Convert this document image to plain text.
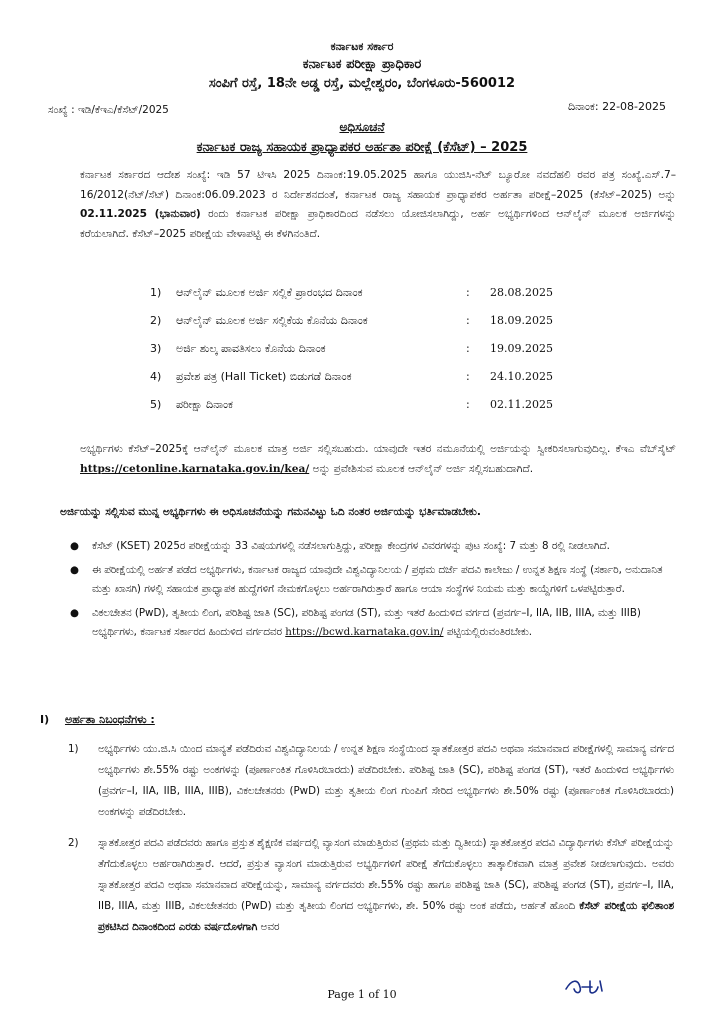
ಕರ್ನಾಟಕ ಸರ್ಕಾರ
ಕರ್ನಾಟಕ ಪರೀಕ್ಷಾ ಪ್ರಾಧಿಕಾರ
ಸಂಪಿಗೆ ರಸ್ತೆ, 18ನೇ ಅಡ್ಡ ರಸ್ತೆ, ಮಲ್ಲೇಶ್ವರಂ, ಬೆಂಗಳೂರು-560012
ಸಂಖ್ಯೆ : ಇಡಿ/ಕೆಇಎ/ಕೆಸೆಟ್/2025	ದಿನಾಂಕ: 22-08-2025
ಅಧಿಸೂಚನೆ
ಕರ್ನಾಟಕ ರಾಜ್ಯ ಸಹಾಯಕ ಪ್ರಾಧ್ಯಾಪಕರ ಅರ್ಹತಾ ಪರೀಕ್ಷೆ (ಕೆಸೆಟ್) – 2025
ಕರ್ನಾಟಕ ಸರ್ಕಾರದ ಆದೇಶ ಸಂಖ್ಯೆ: ಇಡಿ 57 ಟಿಇಸಿ 2025 ದಿನಾಂಕ:19.05.2025 ಹಾಗೂ ಯುಜಿಸಿ-ನೆಟ್ ಬ್ಯೂರೋ ನವದೆಹಲಿ ರವರ ಪತ್ರ ಸಂಖ್ಯೆ.ಎಸ್.7–16/2012(ನೆಟ್/ಸೆಟ್) ದಿನಾಂಕ:06.09.2023 ರ ನಿರ್ದೇಶನದಂತೆ, ಕರ್ನಾಟಕ ರಾಜ್ಯ ಸಹಾಯಕ ಪ್ರಾಧ್ಯಾಪಕರ ಅರ್ಹತಾ ಪರೀಕ್ಷೆ–2025 (ಕೆಸೆಟ್–2025) ಅನ್ನು 02.11.2025 (ಭಾನುವಾರ) ರಂದು ಕರ್ನಾಟಕ ಪರೀಕ್ಷಾ ಪ್ರಾಧಿಕಾರದಿಂದ ನಡೆಸಲು ಯೋಜಿಸಲಾಗಿದ್ದು, ಅರ್ಹ ಅಭ್ಯರ್ಥಿಗಳಿಂದ ಆನ್‌ಲೈನ್ ಮೂಲಕ ಅರ್ಜಿಗಳನ್ನು ಕರೆಯಲಾಗಿದೆ. ಕೆಸೆಟ್–2025 ಪರೀಕ್ಷೆಯ ವೇಳಾಪಟ್ಟಿ ಈ ಕೆಳಗಿನಂತಿದೆ.
1)	ಆನ್‌ಲೈನ್ ಮೂಲಕ ಅರ್ಜಿ ಸಲ್ಲಿಕೆ ಪ್ರಾರಂಭದ ದಿನಾಂಕ	:	28.08.2025
2)	ಆನ್‌ಲೈನ್ ಮೂಲಕ ಅರ್ಜಿ ಸಲ್ಲಿಕೆಯ ಕೊನೆಯ ದಿನಾಂಕ	:	18.09.2025
3)	ಅರ್ಜಿ ಶುಲ್ಕ ಪಾವತಿಸಲು ಕೊನೆಯ ದಿನಾಂಕ	:	19.09.2025
4)	ಪ್ರವೇಶ ಪತ್ರ (Hall Ticket) ಬಿಡುಗಡೆ ದಿನಾಂಕ	:	24.10.2025
5)	ಪರೀಕ್ಷಾ ದಿನಾಂಕ	:	02.11.2025
ಅಭ್ಯರ್ಥಿಗಳು ಕೆಸೆಟ್–2025ಕ್ಕೆ ಆನ್‌ಲೈನ್ ಮೂಲಕ ಮಾತ್ರ ಅರ್ಜಿ ಸಲ್ಲಿಸಬಹುದು. ಯಾವುದೇ ಇತರ ನಮೂನೆಯಲ್ಲಿ ಅರ್ಜಿಯನ್ನು ಸ್ವೀಕರಿಸಲಾಗುವುದಿಲ್ಲ. ಕೆಇಎ ವೆಬ್‌ಸೈಟ್ https://cetonline.karnataka.gov.in/kea/ ಅನ್ನು ಪ್ರವೇಶಿಸುವ ಮೂಲಕ ಆನ್‌ಲೈನ್ ಅರ್ಜಿ ಸಲ್ಲಿಸಬಹುದಾಗಿದೆ.
ಅರ್ಜಿಯನ್ನು ಸಲ್ಲಿಸುವ ಮುನ್ನ ಅಭ್ಯರ್ಥಿಗಳು ಈ ಅಧಿಸೂಚನೆಯನ್ನು ಗಮನವಿಟ್ಟು ಓದಿ ನಂತರ ಅರ್ಜಿಯನ್ನು ಭರ್ತಿಮಾಡಬೇಕು.
●	ಕೆಸೆಟ್ (KSET) 2025ರ ಪರೀಕ್ಷೆಯನ್ನು 33 ವಿಷಯಗಳಲ್ಲಿ ನಡೆಸಲಾಗುತ್ತಿದ್ದು, ಪರೀಕ್ಷಾ ಕೇಂದ್ರಗಳ ವಿವರಗಳನ್ನು ಪುಟ ಸಂಖ್ಯೆ: 7 ಮತ್ತು 8 ರಲ್ಲಿ ನೀಡಲಾಗಿದೆ.
●	ಈ ಪರೀಕ್ಷೆಯಲ್ಲಿ ಅರ್ಹತೆ ಪಡೆದ ಅಭ್ಯರ್ಥಿಗಳು, ಕರ್ನಾಟಕ ರಾಜ್ಯದ ಯಾವುದೇ ವಿಶ್ವವಿದ್ಯಾನಿಲಯ / ಪ್ರಥಮ ದರ್ಜೆ ಪದವಿ ಕಾಲೇಜು / ಉನ್ನತ ಶಿಕ್ಷಣ ಸಂಸ್ಥೆ (ಸರ್ಕಾರಿ, ಅನುದಾನಿತ ಮತ್ತು ಖಾಸಗಿ) ಗಳಲ್ಲಿ ಸಹಾಯಕ ಪ್ರಾಧ್ಯಾಪಕ ಹುದ್ದೆಗಳಿಗೆ ನೇಮಕಗೊಳ್ಳಲು ಅರ್ಹರಾಗಿರುತ್ತಾರೆ ಹಾಗೂ ಆಯಾ ಸಂಸ್ಥೆಗಳ ನಿಯಮ ಮತ್ತು ಕಾಯ್ದೆಗಳಿಗೆ ಒಳಪಟ್ಟಿರುತ್ತಾರೆ.
●	ವಿಕಲಚೇತನ (PwD), ತೃತೀಯ ಲಿಂಗ, ಪರಿಶಿಷ್ಟ ಜಾತಿ (SC), ಪರಿಶಿಷ್ಟ ಪಂಗಡ (ST), ಮತ್ತು ಇತರೆ ಹಿಂದುಳಿದ ವರ್ಗದ (ಪ್ರವರ್ಗ–I, IIA, IIB, IIIA, ಮತ್ತು IIIB) ಅಭ್ಯರ್ಥಿಗಳು, ಕರ್ನಾಟಕ ಸರ್ಕಾರದ ಹಿಂದುಳಿದ ವರ್ಗದವರ https://bcwd.karnataka.gov.in/ ಪಟ್ಟಿಯಲ್ಲಿರುವಂತಿರಬೇಕು.
I) ಅರ್ಹತಾ ನಿಬಂಧನೆಗಳು :
1)	ಅಭ್ಯರ್ಥಿಗಳು ಯು.ಜಿ.ಸಿ ಯಿಂದ ಮಾನ್ಯತೆ ಪಡೆದಿರುವ ವಿಶ್ವವಿದ್ಯಾನಿಲಯ / ಉನ್ನತ ಶಿಕ್ಷಣ ಸಂಸ್ಥೆಯಿಂದ ಸ್ನಾತಕೋತ್ತರ ಪದವಿ ಅಥವಾ ಸಮಾನವಾದ ಪರೀಕ್ಷೆಗಳಲ್ಲಿ ಸಾಮಾನ್ಯ ವರ್ಗದ ಅಭ್ಯರ್ಥಿಗಳು ಶೇ.55% ರಷ್ಟು ಅಂಕಗಳನ್ನು (ಪೂರ್ಣಾಂಕಿತ ಗೊಳಿಸಿರಬಾರದು) ಪಡೆದಿರಬೇಕು. ಪರಿಶಿಷ್ಟ ಜಾತಿ (SC), ಪರಿಶಿಷ್ಟ ಪಂಗಡ (ST), ಇತರೆ ಹಿಂದುಳಿದ ಅಭ್ಯರ್ಥಿಗಳು (ಪ್ರವರ್ಗ–I, IIA, IIB, IIIA, IIIB), ವಿಕಲಚೇತನರು (PwD) ಮತ್ತು ತೃತೀಯ ಲಿಂಗ ಗುಂಪಿಗೆ ಸೇರಿದ ಅಭ್ಯರ್ಥಿಗಳು ಶೇ.50% ರಷ್ಟು (ಪೂರ್ಣಾಂಕಿತ ಗೊಳಿಸಿರಬಾರದು) ಅಂಕಗಳನ್ನು ಪಡೆದಿರಬೇಕು.
2)	ಸ್ನಾತಕೋತ್ತರ ಪದವಿ ಪಡೆದವರು ಹಾಗೂ ಪ್ರಸ್ತುತ ಶೈಕ್ಷಣಿಕ ವರ್ಷದಲ್ಲಿ ವ್ಯಾಸಂಗ ಮಾಡುತ್ತಿರುವ (ಪ್ರಥಮ ಮತ್ತು ದ್ವಿತೀಯ) ಸ್ನಾತಕೋತ್ತರ ಪದವಿ ವಿದ್ಯಾರ್ಥಿಗಳು ಕೆಸೆಟ್ ಪರೀಕ್ಷೆಯನ್ನು ತೆಗೆದುಕೊಳ್ಳಲು ಅರ್ಹರಾಗಿರುತ್ತಾರೆ. ಆದರೆ, ಪ್ರಸ್ತುತ ವ್ಯಾಸಂಗ ಮಾಡುತ್ತಿರುವ ಅಭ್ಯರ್ಥಿಗಳಿಗೆ ಪರೀಕ್ಷೆ ತೆಗೆದುಕೊಳ್ಳಲು ತಾತ್ಕಾಲಿಕವಾಗಿ ಮಾತ್ರ ಪ್ರವೇಶ ನೀಡಲಾಗುವುದು. ಅವರು ಸ್ನಾತಕೋತ್ತರ ಪದವಿ ಅಥವಾ ಸಮಾನವಾದ ಪರೀಕ್ಷೆಯನ್ನು, ಸಾಮಾನ್ಯ ವರ್ಗದವರು ಶೇ.55% ರಷ್ಟು ಹಾಗೂ ಪರಿಶಿಷ್ಟ ಜಾತಿ (SC), ಪರಿಶಿಷ್ಟ ಪಂಗಡ (ST), ಪ್ರವರ್ಗ–I, IIA, IIB, IIIA, ಮತ್ತು IIIB, ವಿಕಲಚೇತನರು (PwD) ಮತ್ತು ತೃತೀಯ ಲಿಂಗದ ಅಭ್ಯರ್ಥಿಗಳು, ಶೇ. 50% ರಷ್ಟು ಅಂಕ ಪಡೆದು, ಅರ್ಹತೆ ಹೊಂದಿ ಕೆಸೆಟ್ ಪರೀಕ್ಷೆಯ ಫಲಿತಾಂಶ ಪ್ರಕಟಿಸಿದ ದಿನಾಂಕದಿಂದ ಎರಡು ವರ್ಷದೊಳಗಾಗಿ ಅವರ
Page 1 of 10
